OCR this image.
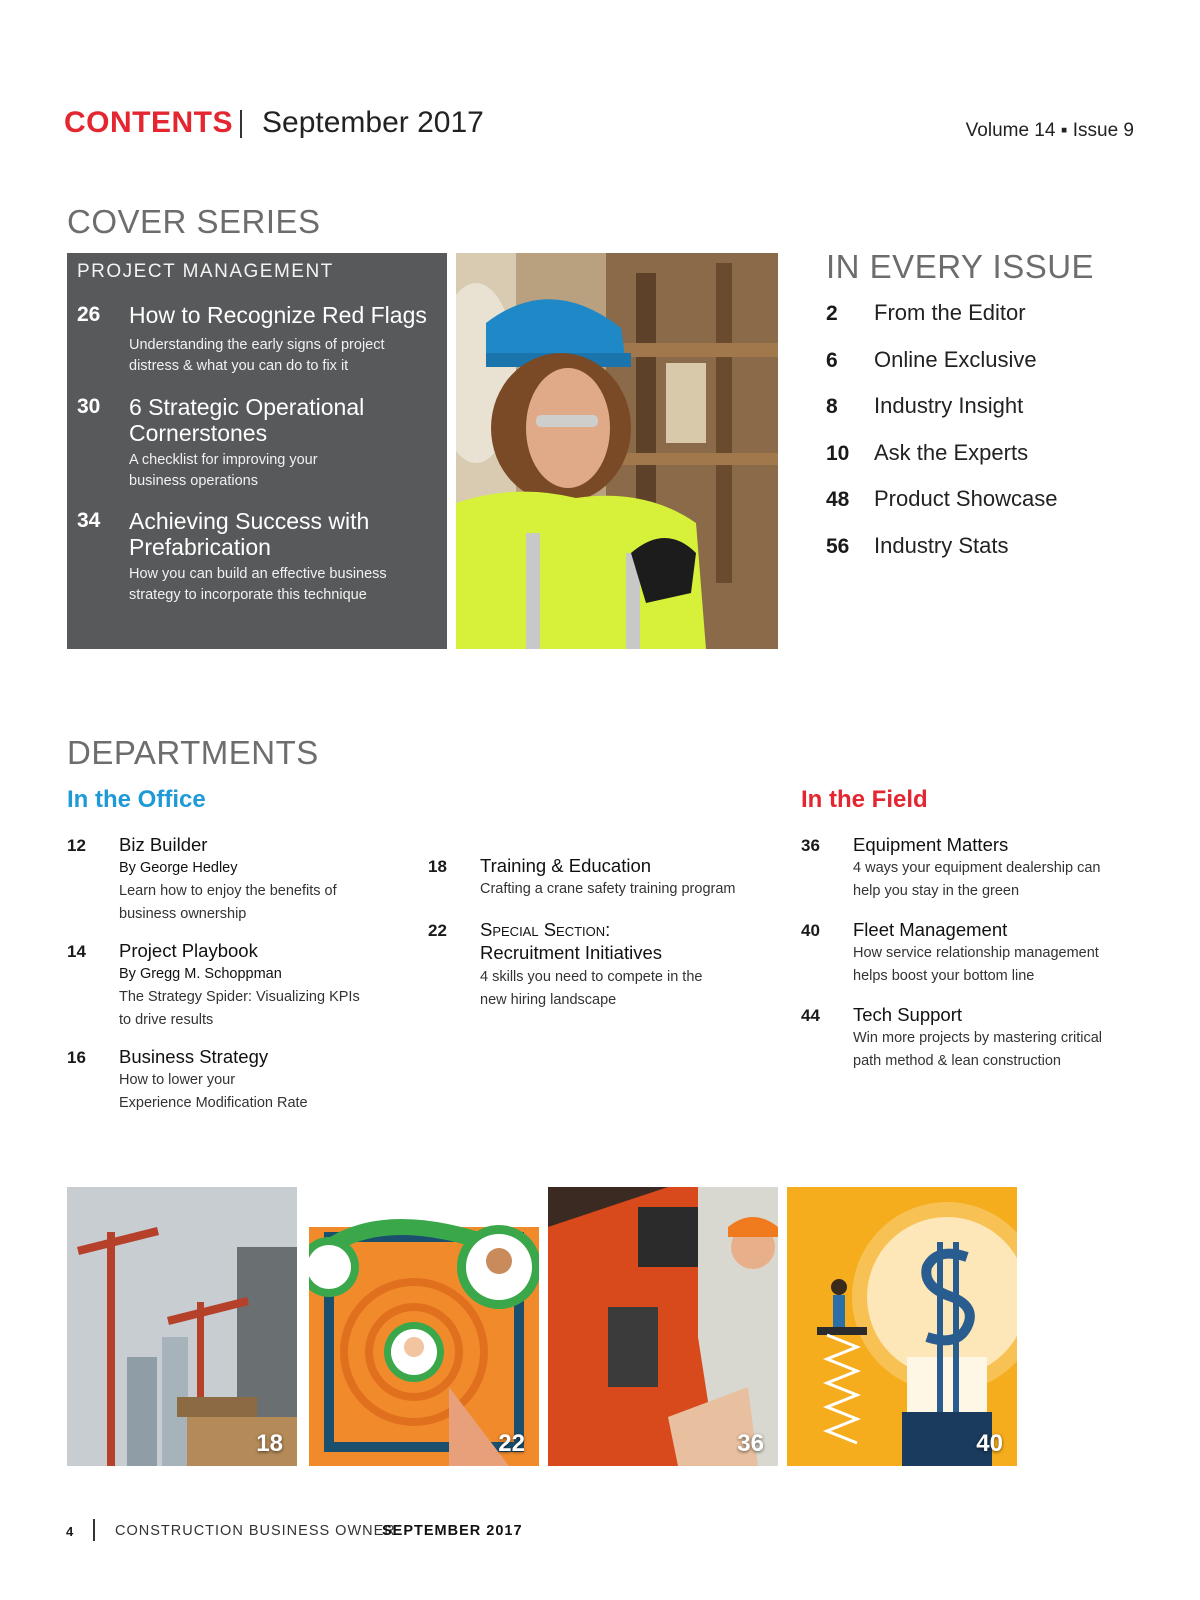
CONTENTS September 2017	Volume 14 ▪ Issue 9
COVER SERIES
PROJECT MANAGEMENT
26 How to Recognize Red Flags
Understanding the early signs of project
distress & what you can do to fix it
30 6 Strategic Operational
Cornerstones
A checklist for improving your
business operations
34 Achieving Success with
Prefabrication
How you can build an effective business
strategy to incorporate this technique
IN EVERY ISSUE
2 From the Editor
6 Online Exclusive
8 Industry Insight
10 Ask the Experts
48 Product Showcase
56 Industry Stats
DEPARTMENTS
In the Office	In the Field
12 Biz Builder
By George Hedley
Learn how to enjoy the benefits of
business ownership
14 Project Playbook
By Gregg M. Schoppman
The Strategy Spider: Visualizing KPIs
to drive results
16 Business Strategy
How to lower your
Experience Modification Rate
18 Training & Education
Crafting a crane safety training program
22 Special Section:
Recruitment Initiatives
4 skills you need to compete in the
new hiring landscape
36 Equipment Matters
4 ways your equipment dealership can
help you stay in the green
40 Fleet Management
How service relationship management
helps boost your bottom line
44 Tech Support
Win more projects by mastering critical
path method & lean construction
18	22	36	40
4	CONSTRUCTION BUSINESS OWNER
SEPTEMBER 2017
